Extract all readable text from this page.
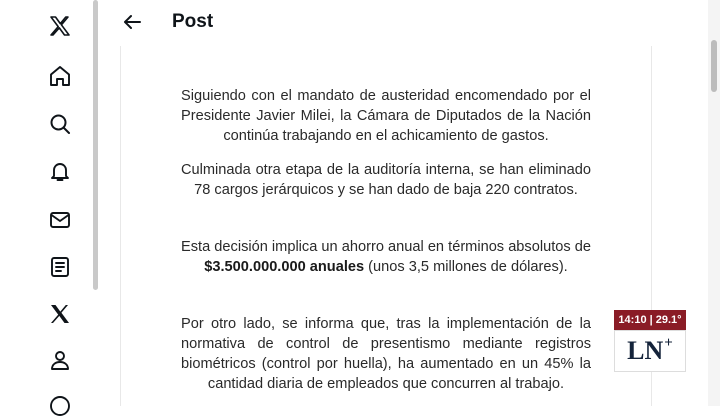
Post
Siguiendo con el mandato de austeridad encomendado por el Presidente Javier Milei, la Cámara de Diputados de la Nación continúa trabajando en el achicamiento de gastos.
Culminada otra etapa de la auditoría interna, se han eliminado 78 cargos jerárquicos y se han dado de baja 220 contratos.
Esta decisión implica un ahorro anual en términos absolutos de $3.500.000.000 anuales (unos 3,5 millones de dólares).
Por otro lado, se informa que, tras la implementación de la normativa de control de presentismo mediante registros biométricos (control por huella), ha aumentado en un 45% la cantidad diaria de empleados que concurren al trabajo.
14:10 | 29.1°
LN +
